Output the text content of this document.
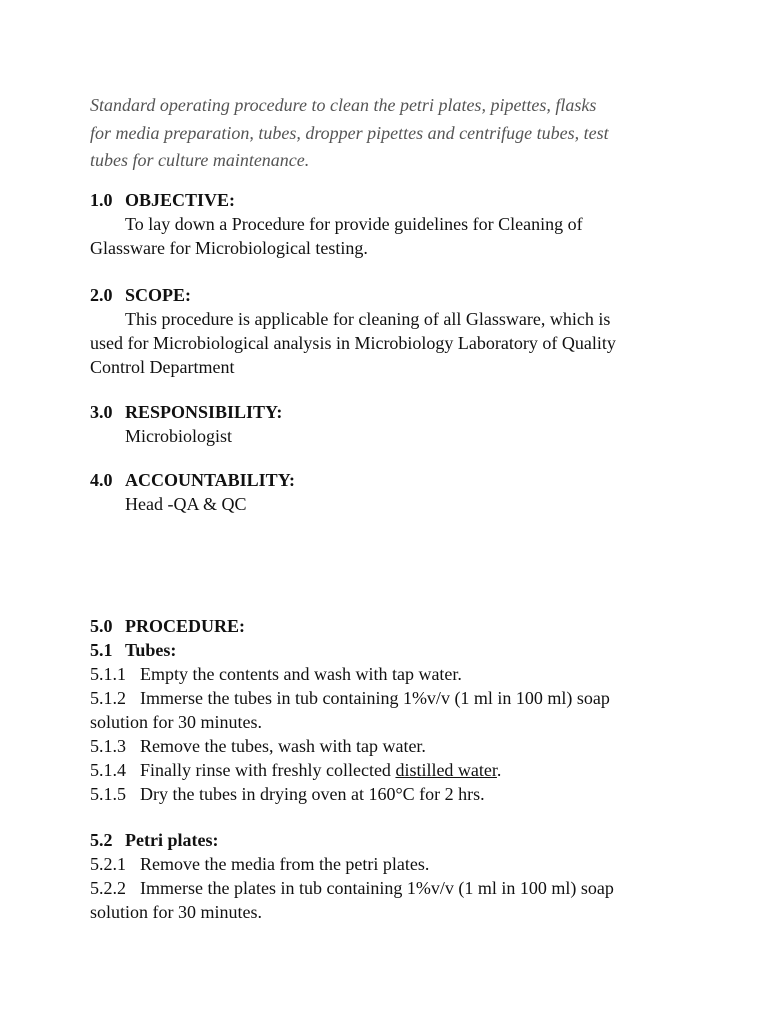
Standard operating procedure to clean the petri plates, pipettes, flasks
for media preparation, tubes, dropper pipettes and centrifuge tubes, test
tubes for culture maintenance.
1.0 OBJECTIVE:
To lay down a Procedure for provide guidelines for Cleaning of
Glassware for Microbiological testing.
2.0 SCOPE:
This procedure is applicable for cleaning of all Glassware, which is
used for Microbiological analysis in Microbiology Laboratory of Quality
Control Department
3.0 RESPONSIBILITY:
Microbiologist
4.0 ACCOUNTABILITY:
Head -QA & QC
5.0 PROCEDURE:
5.1 Tubes:
5.1.1 Empty the contents and wash with tap water.
5.1.2 Immerse the tubes in tub containing 1%v/v (1 ml in 100 ml) soap
solution for 30 minutes.
5.1.3 Remove the tubes, wash with tap water.
5.1.4 Finally rinse with freshly collected distilled water.
5.1.5 Dry the tubes in drying oven at 160°C for 2 hrs.
5.2 Petri plates:
5.2.1 Remove the media from the petri plates.
5.2.2 Immerse the plates in tub containing 1%v/v (1 ml in 100 ml) soap
solution for 30 minutes.
